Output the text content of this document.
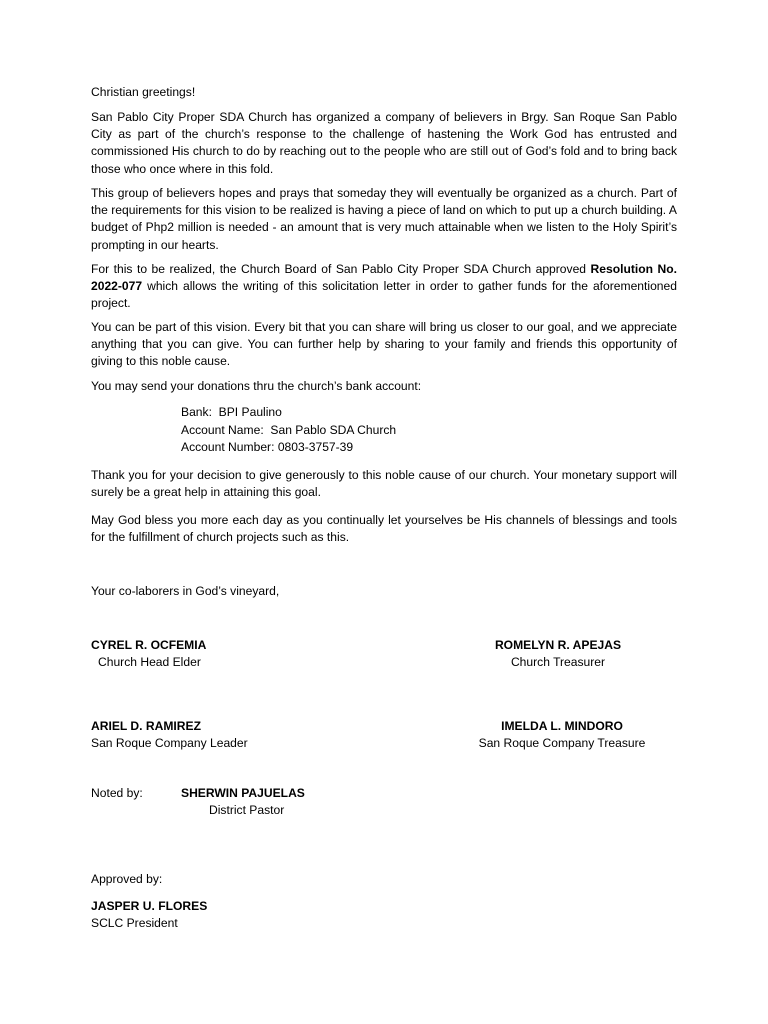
Christian greetings!
San Pablo City Proper SDA Church has organized a company of believers in Brgy. San Roque San Pablo City as part of the church’s response to the challenge of hastening the Work God has entrusted and commissioned His church to do by reaching out to the people who are still out of God’s fold and to bring back those who once where in this fold.
This group of believers hopes and prays that someday they will eventually be organized as a church. Part of the requirements for this vision to be realized is having a piece of land on which to put up a church building. A budget of Php2 million is needed - an amount that is very much attainable when we listen to the Holy Spirit’s prompting in our hearts.
For this to be realized, the Church Board of San Pablo City Proper SDA Church approved Resolution No. 2022-077 which allows the writing of this solicitation letter in order to gather funds for the aforementioned project.
You can be part of this vision. Every bit that you can share will bring us closer to our goal, and we appreciate anything that you can give. You can further help by sharing to your family and friends this opportunity of giving to this noble cause.
You may send your donations thru the church’s bank account:
Bank: BPI Paulino
Account Name: San Pablo SDA Church
Account Number: 0803-3757-39
Thank you for your decision to give generously to this noble cause of our church. Your monetary support will surely be a great help in attaining this goal.
May God bless you more each day as you continually let yourselves be His channels of blessings and tools for the fulfillment of church projects such as this.
Your co-laborers in God’s vineyard,
CYREL R. OCFEMIA
Church Head Elder
ROMELYN R. APEJAS
Church Treasurer
ARIEL D. RAMIREZ
San Roque Company Leader
IMELDA L. MINDORO
San Roque Company Treasure
Noted by:	SHERWIN PAJUELAS
District Pastor
Approved by:
JASPER U. FLORES
SCLC President
